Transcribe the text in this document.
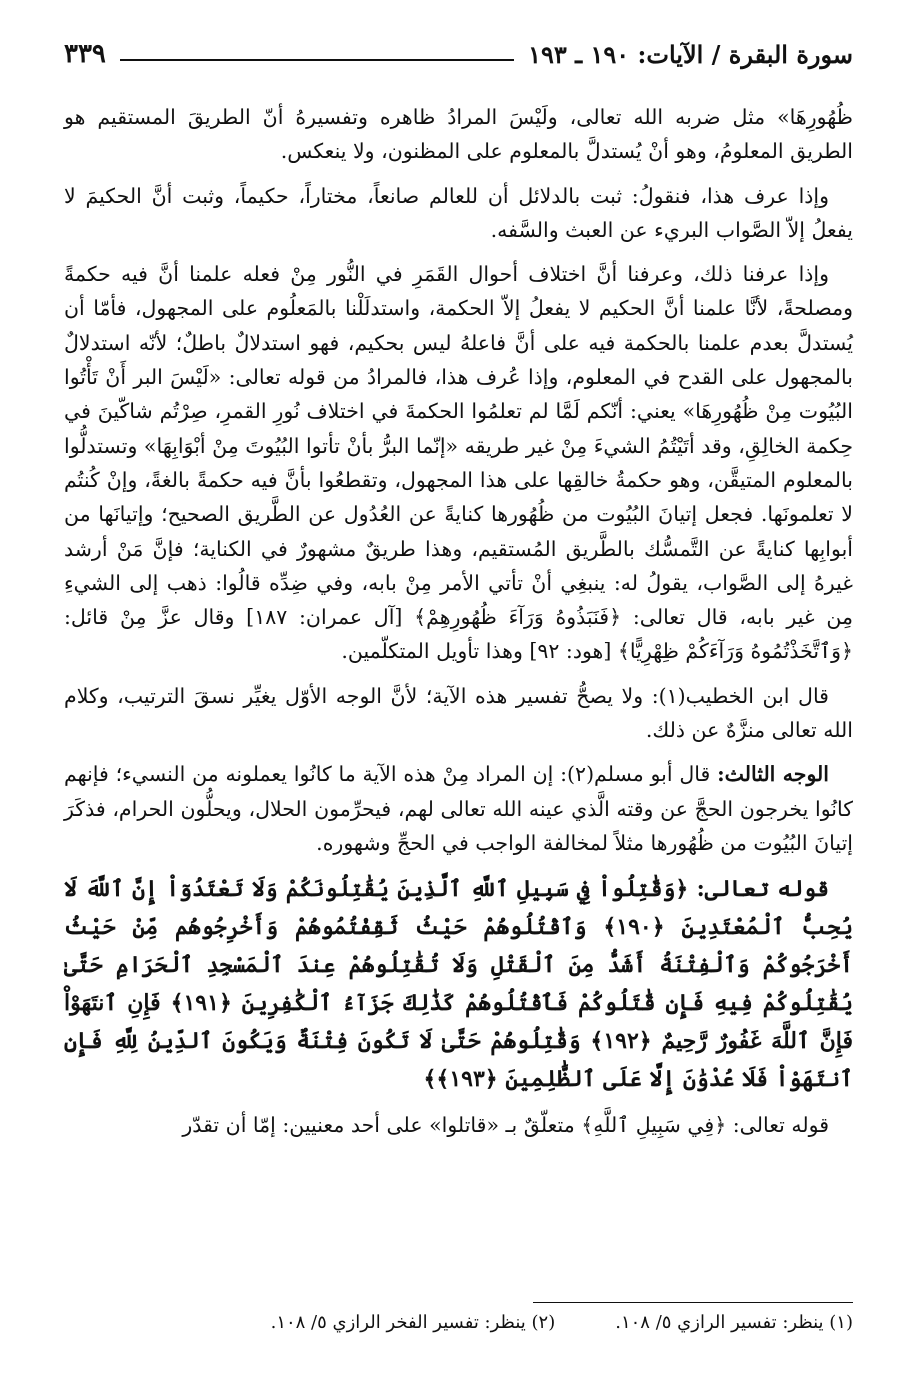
سورة البقرة / الآيات: ١٩٠ ـ ١٩٣
٣٣٩

ظُهُورِهَا» مثل ضربه الله تعالى، ولَيْسَ المرادُ ظاهره وتفسيرهُ أنّ الطريقَ المستقيم هو الطريق المعلومُ، وهو أنْ يُستدلَّ بالمعلوم على المظنون، ولا ينعكس.

وإذا عرف هذا، فنقولُ: ثبت بالدلائل أن للعالم صانعاً، مختاراً، حكيماً، وثبت أنَّ الحكيمَ لا يفعلُ إلاّ الصَّواب البريء عن العبث والسَّفه.

وإذا عرفنا ذلك، وعرفنا أنَّ اختلاف أحوال القَمَرِ في النُّور مِنْ فعله علمنا أنَّ فيه حكمةً ومصلحةً، لأنَّا علمنا أنَّ الحكيم لا يفعلُ إلاّ الحكمة، واستدلَلْنا بالمَعلُوم على المجهول، فأمّا أن يُستدلَّ بعدم علمنا بالحكمة فيه على أنَّ فاعلهُ ليس بحكيم، فهو استدلالٌ باطلٌ؛ لأنّه استدلالٌ بالمجهول على القدح في المعلوم، وإذا عُرف هذا، فالمرادُ من قوله تعالى: «لَيْسَ البر أَنْ تَأْتُوا البُيُوت مِنْ ظُهُورِهَا» يعني: أنّكم لَمَّا لم تعلمُوا الحكمةَ في اختلاف نُورِ القمرِ، صِرْتُم شاكّينَ في حِكمة الخالِقِ، وقد أتَيْتُمُ الشيءَ مِنْ غير طريقه «إنّما البرُّ بأنْ تأتوا البُيُوتَ مِنْ أبْوَابِهَا» وتستدلُّوا بالمعلوم المتيقَّن، وهو حكمةُ خالقِها على هذا المجهول، وتقطعُوا بأنَّ فيه حكمةً بالغةً، وإنْ كُنتُم لا تعلمونَها. فجعل إتيانَ البُيُوت من ظُهُورها كنايةً عن العُدُول عن الطَّريق الصحيح؛ وإتيانَها من أبوابِها كنايةً عن التَّمسُّك بالطَّريق المُستقيم، وهذا طريقٌ مشهورٌ في الكناية؛ فإنَّ مَنْ أرشد غيرهُ إلى الصَّواب، يقولُ له: ينبغِي أنْ تأتي الأمر مِنْ بابه، وفي ضِدِّه قالُوا: ذهب إلى الشيءِ مِن غير بابه، قال تعالى: ﴿فَنَبَذُوهُ وَرَآءَ ظُهُورِهِمْ﴾ [آل عمران: ١٨٧] وقال عزَّ مِنْ قائل: ﴿وَٱتَّخَذْتُمُوهُ وَرَآءَكُمْ ظِهْرِيًّا﴾ [هود: ٩٢] وهذا تأويل المتكلّمين.

قال ابن الخطيب(١): ولا يصحُّ تفسير هذه الآية؛ لأنَّ الوجه الأوّل يغيِّر نسقَ الترتيب، وكلام الله تعالى منزَّهٌ عن ذلك.

الوجه الثالث: قال أبو مسلم(٢): إن المراد مِنْ هذه الآية ما كانُوا يعملونه من النسيء؛ فإنهم كانُوا يخرجون الحجَّ عن وقته الَّذي عينه الله تعالى لهم، فيحرِّمون الحلال، ويحلُّون الحرام، فذكَرَ إتيانَ البُيُوت من ظُهُورها مثلاً لمخالفة الواجب في الحجِّ وشهوره.

قوله تعالى: ﴿وَقَٰتِلُواْ فِي سَبِيلِ ٱللَّهِ ٱلَّذِينَ يُقَٰتِلُونَكُمْ وَلَا تَعْتَدُوٓاْ إِنَّ ٱللَّهَ لَا يُحِبُّ ٱلْمُعْتَدِينَ ﴿١٩٠﴾ وَٱقْتُلُوهُمْ حَيْثُ ثَقِفْتُمُوهُمْ وَأَخْرِجُوهُم مِّنْ حَيْثُ أَخْرَجُوكُمْ وَٱلْفِتْنَةُ أَشَدُّ مِنَ ٱلْقَتْلِ وَلَا تُقَٰتِلُوهُمْ عِندَ ٱلْمَسْجِدِ ٱلْحَرَامِ حَتَّىٰ يُقَٰتِلُوكُمْ فِيهِ فَإِن قَٰتَلُوكُمْ فَٱقْتُلُوهُمْ كَذَٰلِكَ جَزَآءُ ٱلْكَٰفِرِينَ ﴿١٩١﴾ فَإِنِ ٱنتَهَوْاْ فَإِنَّ ٱللَّهَ غَفُورٌ رَّحِيمٌ ﴿١٩٢﴾ وَقَٰتِلُوهُمْ حَتَّىٰ لَا تَكُونَ فِتْنَةٌ وَيَكُونَ ٱلدِّينُ لِلَّهِ فَإِنِ ٱنتَهَوْاْ فَلَا عُدْوَٰنَ إِلَّا عَلَى ٱلظَّٰلِمِينَ ﴿١٩٣﴾﴾

قوله تعالى: ﴿فِي سَبِيلِ ٱللَّهِ﴾ متعلّقٌ بـ «قاتلوا» على أحد معنيين: إمّا أن تقدّر

(١) ينظر: تفسير الرازي ٥/ ١٠٨.
(٢) ينظر: تفسير الفخر الرازي ٥/ ١٠٨.
